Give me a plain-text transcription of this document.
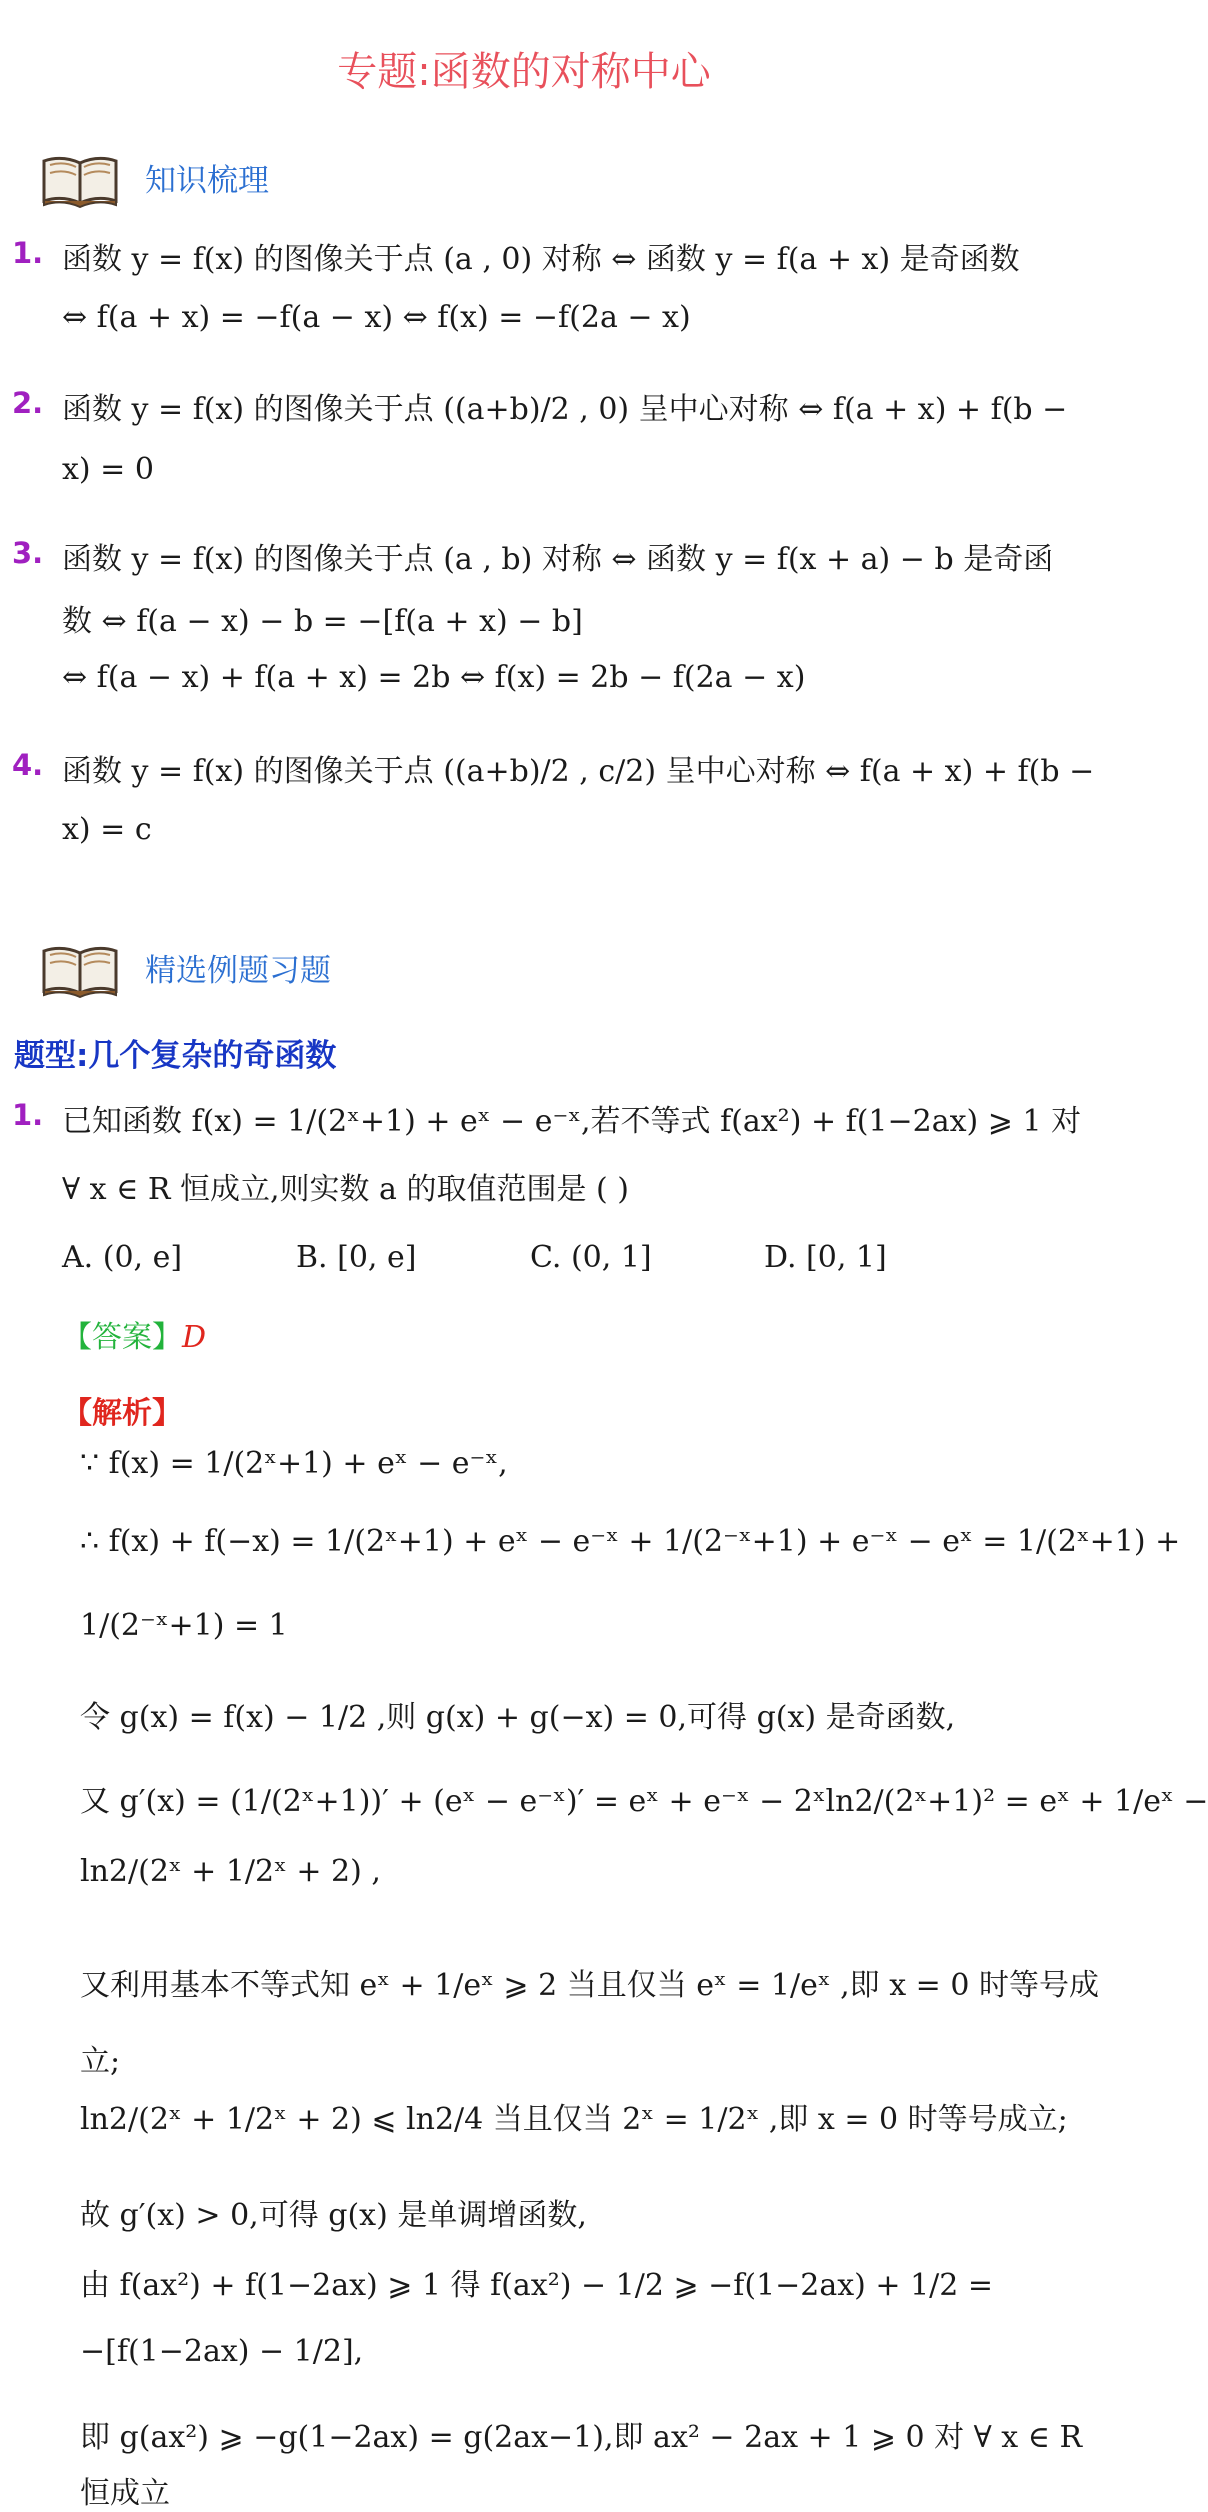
专题:函数的对称中心
知识梳理
1. 函数 y = f(x) 的图像关于点 (a , 0) 对称 ⇔ 函数 y = f(a + x) 是奇函数
⇔ f(a + x) = −f(a − x) ⇔ f(x) = −f(2a − x)
2. 函数 y = f(x) 的图像关于点 ((a+b)/2 , 0) 呈中心对称 ⇔ f(a + x) + f(b −
x) = 0
3. 函数 y = f(x) 的图像关于点 (a , b) 对称 ⇔ 函数 y = f(x + a) − b 是奇函
数 ⇔ f(a − x) − b = −[f(a + x) − b]
⇔ f(a − x) + f(a + x) = 2b ⇔ f(x) = 2b − f(2a − x)
4. 函数 y = f(x) 的图像关于点 ((a+b)/2 , c/2) 呈中心对称 ⇔ f(a + x) + f(b −
x) = c
精选例题习题
题型:几个复杂的奇函数
1. 已知函数 f(x) = 1/(2ˣ+1) + eˣ − e⁻ˣ,若不等式 f(ax²) + f(1−2ax) ⩾ 1 对
∀ x ∈ R 恒成立,则实数 a 的取值范围是 ( )
A. (0, e]	B. [0, e]	C. (0, 1]	D. [0, 1]
【答案】D
【解析】
∵ f(x) = 1/(2ˣ+1) + eˣ − e⁻ˣ,
∴ f(x) + f(−x) = 1/(2ˣ+1) + eˣ − e⁻ˣ + 1/(2⁻ˣ+1) + e⁻ˣ − eˣ = 1/(2ˣ+1) +
1/(2⁻ˣ+1) = 1
令 g(x) = f(x) − 1/2 ,则 g(x) + g(−x) = 0,可得 g(x) 是奇函数,
又 g′(x) = (1/(2ˣ+1))′ + (eˣ − e⁻ˣ)′ = eˣ + e⁻ˣ − 2ˣln2/(2ˣ+1)² = eˣ + 1/eˣ −
ln2/(2ˣ + 1/2ˣ + 2) ,
又利用基本不等式知 eˣ + 1/eˣ ⩾ 2 当且仅当 eˣ = 1/eˣ ,即 x = 0 时等号成
立;
ln2/(2ˣ + 1/2ˣ + 2) ⩽ ln2/4 当且仅当 2ˣ = 1/2ˣ ,即 x = 0 时等号成立;
故 g′(x) > 0,可得 g(x) 是单调增函数,
由 f(ax²) + f(1−2ax) ⩾ 1 得 f(ax²) − 1/2 ⩾ −f(1−2ax) + 1/2 =
−[f(1−2ax) − 1/2],
即 g(ax²) ⩾ −g(1−2ax) = g(2ax−1),即 ax² − 2ax + 1 ⩾ 0 对 ∀ x ∈ R
恒成立
